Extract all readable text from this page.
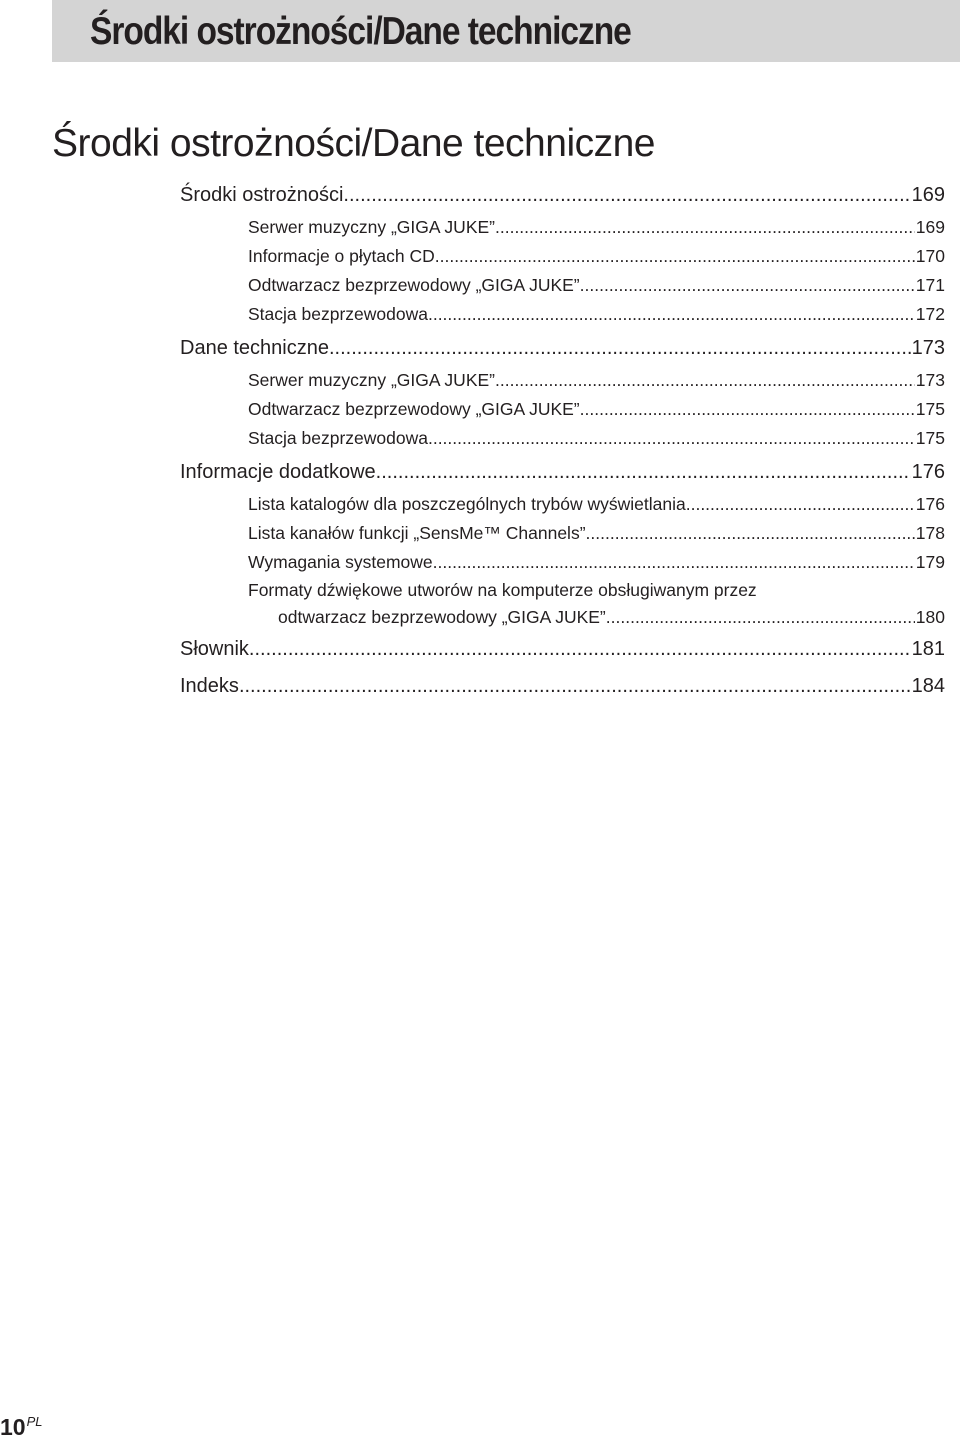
Środki ostrożności/Dane techniczne
Środki ostrożności/Dane techniczne
Środki ostrożności .....	169
Serwer muzyczny „GIGA JUKE” .....	169
Informacje o płytach CD .....	170
Odtwarzacz bezprzewodowy „GIGA JUKE” .....	171
Stacja bezprzewodowa .....	172
Dane techniczne .....	173
Serwer muzyczny „GIGA JUKE” .....	173
Odtwarzacz bezprzewodowy „GIGA JUKE” .....	175
Stacja bezprzewodowa .....	175
Informacje dodatkowe .....	176
Lista katalogów dla poszczególnych trybów wyświetlania .....	176
Lista kanałów funkcji „SensMe™ Channels” .....	178
Wymagania systemowe .....	179
Formaty dźwiękowe utworów na komputerze obsługiwanym przez
odtwarzacz bezprzewodowy „GIGA JUKE” .....	180
Słownik .....	181
Indeks .....	184
$10^{PL}$
